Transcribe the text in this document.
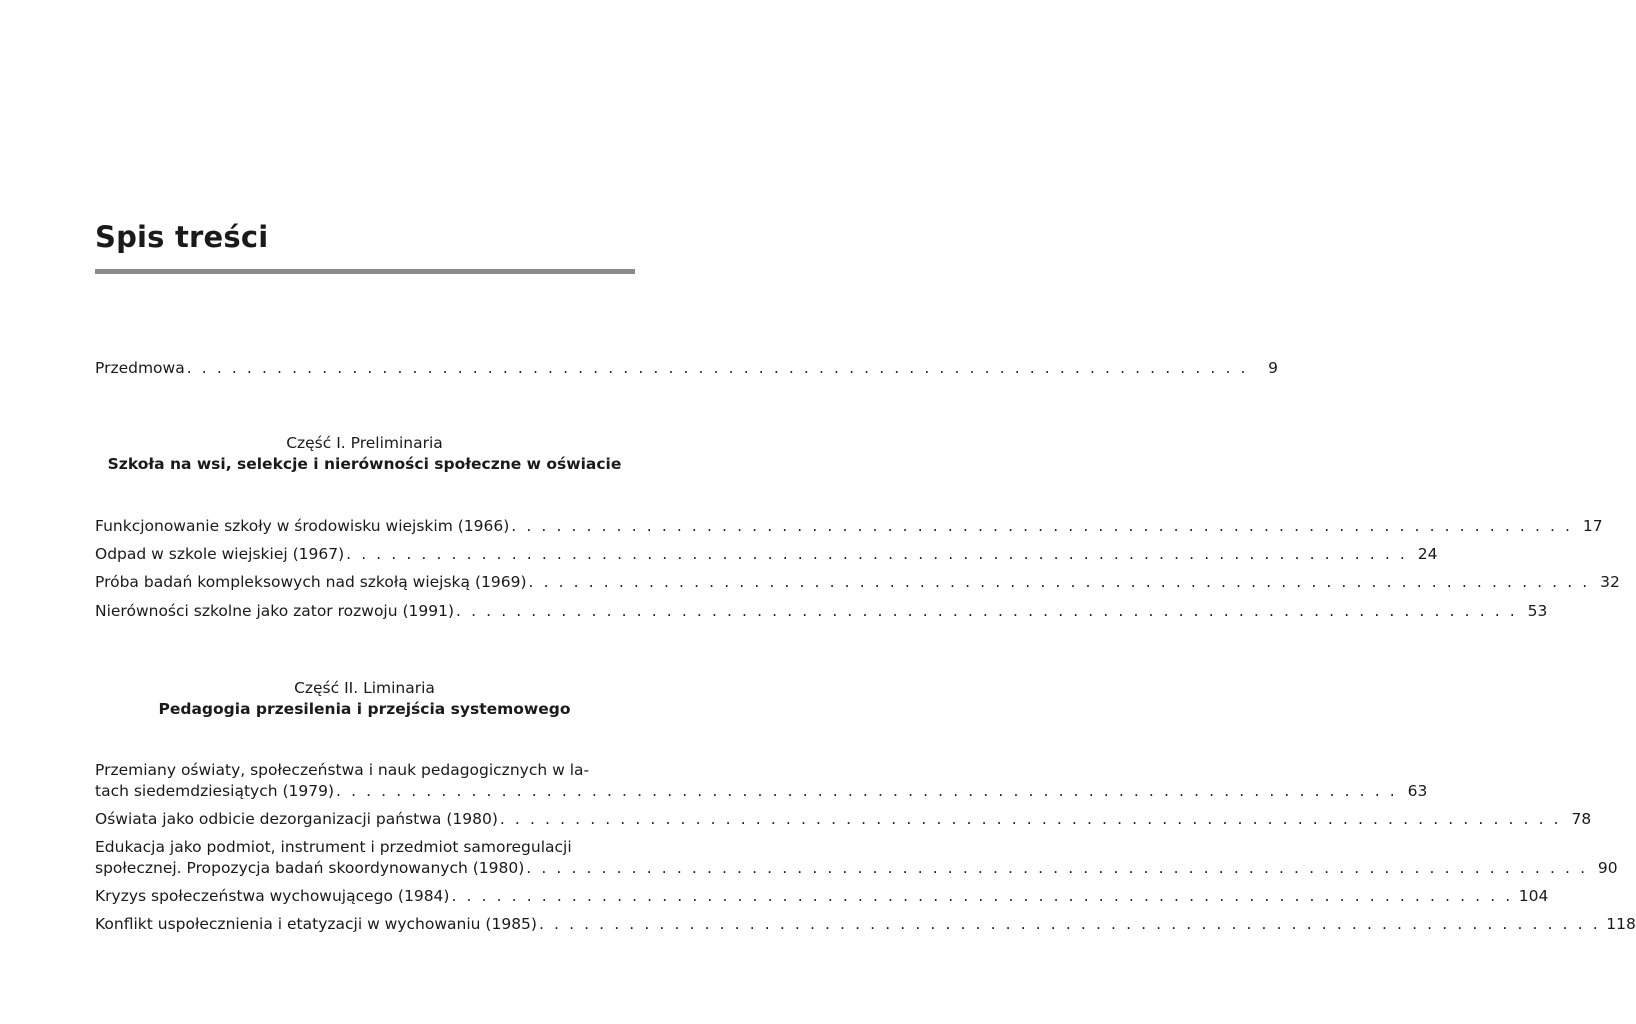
Spis treści
Przedmowa . . . . . . . . . . . . . . . . . . . . . . . . . . . . . . . . . . . . . . . . . . . . . . . . . . . . . . . . . . . . . . . . . . . . . . .	9
Część I. Preliminaria
Szkoła na wsi, selekcje i nierówności społeczne w oświacie
Funkcjonowanie szkoły w środowisku wiejskim (1966) . . . . . . . . . . . . . . . . . . . . . . . . . . . . . . . . . . . . . . . . . . . . . . . . . . . . . . . . . . . . . . . . . . . . . . . 17
Odpad w szkole wiejskiej (1967) . . . . . . . . . . . . . . . . . . . . . . . . . . . . . . . . . . . . . . . . . . . . . . . . . . . . . . . . . . . . . . . . . . . . . . . 24
Próba badań kompleksowych nad szkołą wiejską (1969) . . . . . . . . . . . . . . . . . . . . . . . . . . . . . . . . . . . . . . . . . . . . . . . . . . . . . . . . . . . . . . . . . . . . . . . 32
Nierówności szkolne jako zator rozwoju (1991) . . . . . . . . . . . . . . . . . . . . . . . . . . . . . . . . . . . . . . . . . . . . . . . . . . . . . . . . . . . . . . . . . . . . . . . 53
Część II. Liminaria
Pedagogia przesilenia i przejścia systemowego
Przemiany oświaty, społeczeństwa i nauk pedagogicznych w la-
tach siedemdziesiątych (1979) . . . . . . . . . . . . . . . . . . . . . . . . . . . . . . . . . . . . . . . . . . . . . . . . . . . . . . . . . . . . . . . . . . . . . . . 63
Oświata jako odbicie dezorganizacji państwa (1980) . . . . . . . . . . . . . . . . . . . . . . . . . . . . . . . . . . . . . . . . . . . . . . . . . . . . . . . . . . . . . . . . . . . . . . . 78
Edukacja jako podmiot, instrument i przedmiot samoregulacji
społecznej. Propozycja badań skoordynowanych (1980) . . . . . . . . . . . . . . . . . . . . . . . . . . . . . . . . . . . . . . . . . . . . . . . . . . . . . . . . . . . . . . . . . . . . . . . 90
Kryzys społeczeństwa wychowującego (1984) . . . . . . . . . . . . . . . . . . . . . . . . . . . . . . . . . . . . . . . . . . . . . . . . . . . . . . . . . . . . . . . . . . . . . . . 104
Konflikt uspołecznienia i etatyzacji w wychowaniu (1985) . . . . . . . . . . . . . . . . . . . . . . . . . . . . . . . . . . . . . . . . . . . . . . . . . . . . . . . . . . . . . . . . . . . . . . . 118
